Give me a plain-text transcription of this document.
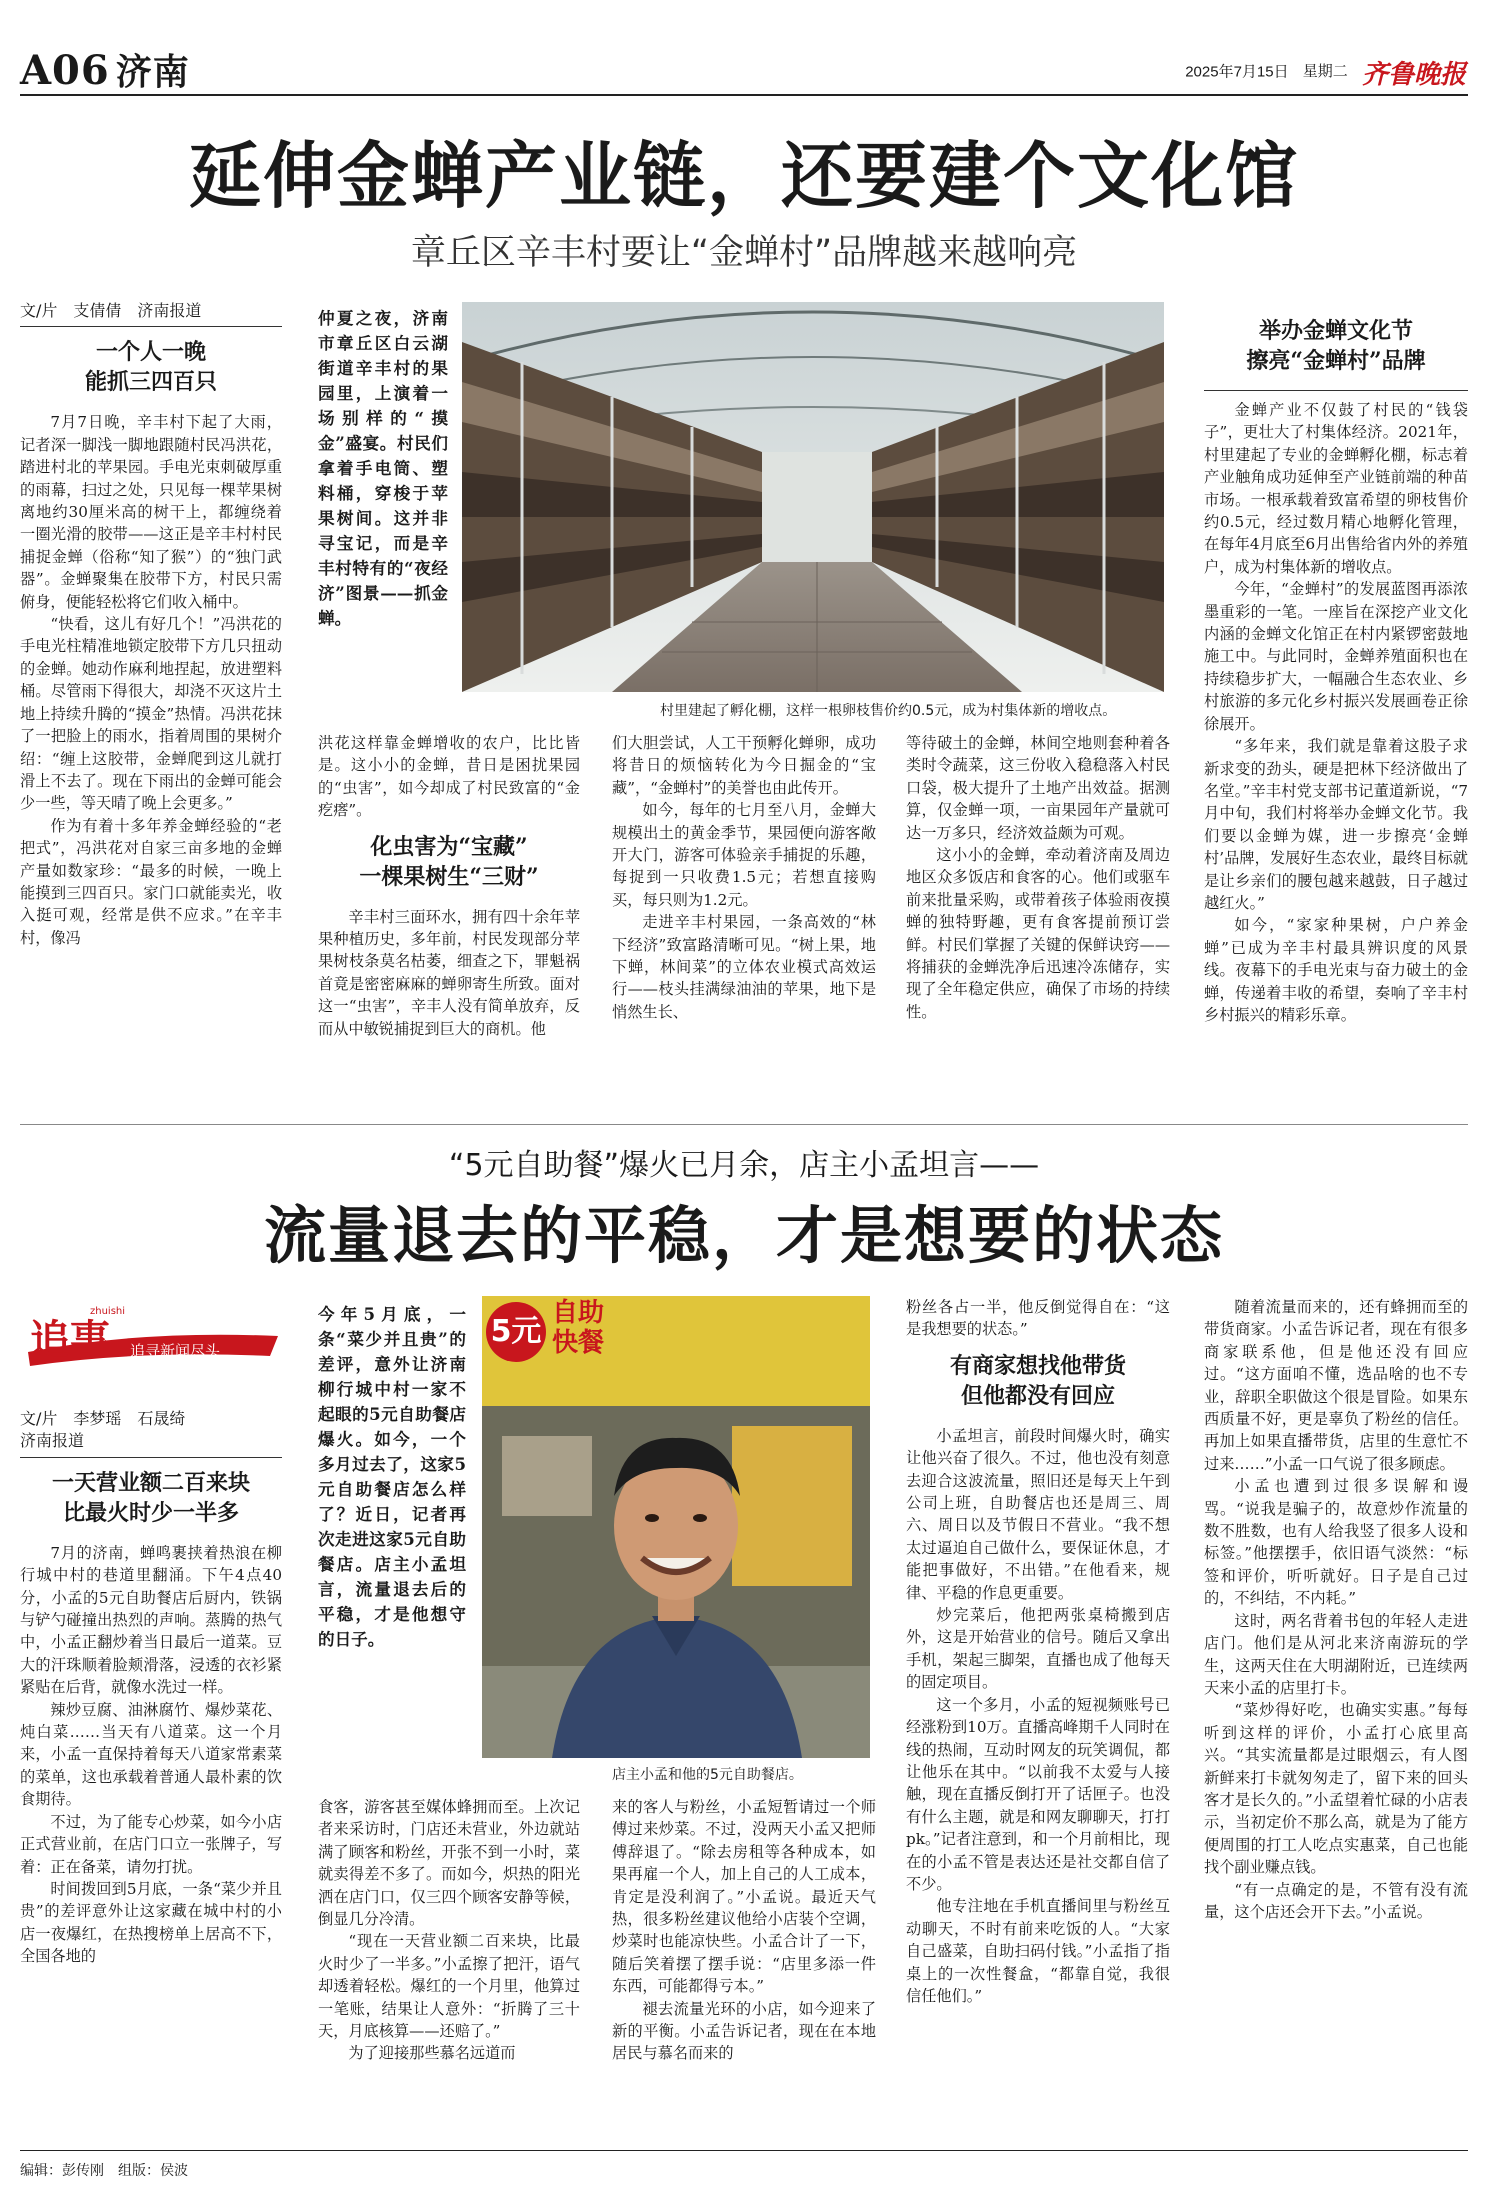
A06 济南	2025年7月15日 星期二 齐鲁晚报
延伸金蝉产业链，还要建个文化馆
章丘区辛丰村要让“金蝉村”品牌越来越响亮
文/片　支倩倩　济南报道
一个人一晚
能抓三四百只

7月7日晚，辛丰村下起了大雨，记者深一脚浅一脚地跟随村民冯洪花，踏进村北的苹果园。手电光束刺破厚重的雨幕，扫过之处，只见每一棵苹果树离地约30厘米高的树干上，都缠绕着一圈光滑的胶带——这正是辛丰村村民捕捉金蝉（俗称“知了猴”）的“独门武器”。金蝉聚集在胶带下方，村民只需俯身，便能轻松将它们收入桶中。

“快看，这儿有好几个！”冯洪花的手电光柱精准地锁定胶带下方几只扭动的金蝉。她动作麻利地捏起，放进塑料桶。尽管雨下得很大，却浇不灭这片土地上持续升腾的“摸金”热情。冯洪花抹了一把脸上的雨水，指着周围的果树介绍：“缠上这胶带，金蝉爬到这儿就打滑上不去了。现在下雨出的金蝉可能会少一些，等天晴了晚上会更多。”

作为有着十多年养金蝉经验的“老把式”，冯洪花对自家三亩多地的金蝉产量如数家珍：“最多的时候，一晚上能摸到三四百只。家门口就能卖光，收入挺可观，经常是供不应求。”在辛丰村，像冯

仲夏之夜，济南市章丘区白云湖街道辛丰村的果园里，上演着一场别样的“摸金”盛宴。村民们拿着手电筒、塑料桶，穿梭于苹果树间。这并非寻宝记，而是辛丰村特有的“夜经济”图景——抓金蝉。
村里建起了孵化棚，这样一根卵枝售价约0.5元，成为村集体新的增收点。

洪花这样靠金蝉增收的农户，比比皆是。这小小的金蝉，昔日是困扰果园的“虫害”，如今却成了村民致富的“金疙瘩”。

化虫害为“宝藏”
一棵果树生“三财”

辛丰村三面环水，拥有四十余年苹果种植历史，多年前，村民发现部分苹果树枝条莫名枯萎，细查之下，罪魁祸首竟是密密麻麻的蝉卵寄生所致。面对这一“虫害”，辛丰人没有简单放弃，反而从中敏锐捕捉到巨大的商机。他

们大胆尝试，人工干预孵化蝉卵，成功将昔日的烦恼转化为今日掘金的“宝藏”，“金蝉村”的美誉也由此传开。

如今，每年的七月至八月，金蝉大规模出土的黄金季节，果园便向游客敞开大门，游客可体验亲手捕捉的乐趣，每捉到一只收费1.5元；若想直接购买，每只则为1.2元。

走进辛丰村果园，一条高效的“林下经济”致富路清晰可见。“树上果，地下蝉，林间菜”的立体农业模式高效运行——枝头挂满绿油油的苹果，地下是悄然生长、

等待破土的金蝉，林间空地则套种着各类时令蔬菜，这三份收入稳稳落入村民口袋，极大提升了土地产出效益。据测算，仅金蝉一项，一亩果园年产量就可达一万多只，经济效益颇为可观。

这小小的金蝉，牵动着济南及周边地区众多饭店和食客的心。他们或驱车前来批量采购，或带着孩子体验雨夜摸蝉的独特野趣，更有食客提前预订尝鲜。村民们掌握了关键的保鲜诀窍——将捕获的金蝉洗净后迅速冷冻储存，实现了全年稳定供应，确保了市场的持续性。

举办金蝉文化节
擦亮“金蝉村”品牌

金蝉产业不仅鼓了村民的“钱袋子”，更壮大了村集体经济。2021年，村里建起了专业的金蝉孵化棚，标志着产业触角成功延伸至产业链前端的种苗市场。一根承载着致富希望的卵枝售价约0.5元，经过数月精心地孵化管理，在每年4月底至6月出售给省内外的养殖户，成为村集体新的增收点。

今年，“金蝉村”的发展蓝图再添浓墨重彩的一笔。一座旨在深挖产业文化内涵的金蝉文化馆正在村内紧锣密鼓地施工中。与此同时，金蝉养殖面积也在持续稳步扩大，一幅融合生态农业、乡村旅游的多元化乡村振兴发展画卷正徐徐展开。

“多年来，我们就是靠着这股子求新求变的劲头，硬是把林下经济做出了名堂。”辛丰村党支部书记董道新说，“7月中旬，我们村将举办金蝉文化节。我们要以金蝉为媒，进一步擦亮‘金蝉村’品牌，发展好生态农业，最终目标就是让乡亲们的腰包越来越鼓，日子越过越红火。”

如今，“家家种果树，户户养金蝉”已成为辛丰村最具辨识度的风景线。夜幕下的手电光束与奋力破土的金蝉，传递着丰收的希望，奏响了辛丰村乡村振兴的精彩乐章。

“5元自助餐”爆火已月余，店主小孟坦言——
流量退去的平稳，才是想要的状态
追事
zhuishi
追寻新闻尽头
文/片　李梦瑶　石晟绮
济南报道
一天营业额二百来块
比最火时少一半多

7月的济南，蝉鸣裹挟着热浪在柳行城中村的巷道里翻涌。下午4点40分，小孟的5元自助餐店后厨内，铁锅与铲勺碰撞出热烈的声响。蒸腾的热气中，小孟正翻炒着当日最后一道菜。豆大的汗珠顺着脸颊滑落，浸透的衣衫紧紧贴在后背，就像水洗过一样。

辣炒豆腐、油淋腐竹、爆炒菜花、炖白菜……当天有八道菜。这一个月来，小孟一直保持着每天八道家常素菜的菜单，这也承载着普通人最朴素的饮食期待。

不过，为了能专心炒菜，如今小店正式营业前，在店门口立一张牌子，写着：正在备菜，请勿打扰。

时间拨回到5月底，一条“菜少并且贵”的差评意外让这家藏在城中村的小店一夜爆红，在热搜榜单上居高不下，全国各地的

今年5月底，一条“菜少并且贵”的差评，意外让济南柳行城中村一家不起眼的5元自助餐店爆火。如今，一个多月过去了，这家5元自助餐店怎么样了？近日，记者再次走进这家5元自助餐店。店主小孟坦言，流量退去后的平稳，才是他想守的日子。
5元
自助快餐
店主小孟和他的5元自助餐店。

食客，游客甚至媒体蜂拥而至。上次记者来采访时，门店还未营业，外边就站满了顾客和粉丝，开张不到一小时，菜就卖得差不多了。而如今，炽热的阳光洒在店门口，仅三四个顾客安静等候，倒显几分冷清。

“现在一天营业额二百来块，比最火时少了一半多。”小孟擦了把汗，语气却透着轻松。爆红的一个月里，他算过一笔账，结果让人意外：“折腾了三十天，月底核算——还赔了。”

为了迎接那些慕名远道而

来的客人与粉丝，小孟短暂请过一个师傅过来炒菜。不过，没两天小孟又把师傅辞退了。“除去房租等各种成本，如果再雇一个人，加上自己的人工成本，肯定是没利润了。”小孟说。最近天气热，很多粉丝建议他给小店装个空调，炒菜时也能凉快些。小孟合计了一下，随后笑着摆了摆手说：“店里多添一件东西，可能都得亏本。”

褪去流量光环的小店，如今迎来了新的平衡。小孟告诉记者，现在在本地居民与慕名而来的

粉丝各占一半，他反倒觉得自在：“这是我想要的状态。”

有商家想找他带货
但他都没有回应

小孟坦言，前段时间爆火时，确实让他兴奋了很久。不过，他也没有刻意去迎合这波流量，照旧还是每天上午到公司上班，自助餐店也还是周三、周六、周日以及节假日不营业。“我不想太过逼迫自己做什么，要保证休息，才能把事做好，不出错。”在他看来，规律、平稳的作息更重要。

炒完菜后，他把两张桌椅搬到店外，这是开始营业的信号。随后又拿出手机，架起三脚架，直播也成了他每天的固定项目。

这一个多月，小孟的短视频账号已经涨粉到10万。直播高峰期千人同时在线的热闹，互动时网友的玩笑调侃，都让他乐在其中。“以前我不太爱与人接触，现在直播反倒打开了话匣子。也没有什么主题，就是和网友聊聊天，打打pk。”记者注意到，和一个月前相比，现在的小孟不管是表达还是社交都自信了不少。

他专注地在手机直播间里与粉丝互动聊天，不时有前来吃饭的人。“大家自己盛菜，自助扫码付钱。”小孟指了指桌上的一次性餐盒，“都靠自觉，我很信任他们。”

随着流量而来的，还有蜂拥而至的带货商家。小孟告诉记者，现在有很多商家联系他，但是他还没有回应过。“这方面咱不懂，选品啥的也不专业，辞职全职做这个很是冒险。如果东西质量不好，更是辜负了粉丝的信任。再加上如果直播带货，店里的生意忙不过来……”小孟一口气说了很多顾虑。

小孟也遭到过很多误解和谩骂。“说我是骗子的，故意炒作流量的数不胜数，也有人给我竖了很多人设和标签。”他摆摆手，依旧语气淡然：“标签和评价，听听就好。日子是自己过的，不纠结，不内耗。”

这时，两名背着书包的年轻人走进店门。他们是从河北来济南游玩的学生，这两天住在大明湖附近，已连续两天来小孟的店里打卡。

“菜炒得好吃，也确实实惠。”每每听到这样的评价，小孟打心底里高兴。“其实流量都是过眼烟云，有人图新鲜来打卡就匆匆走了，留下来的回头客才是长久的。”小孟望着忙碌的小店表示，当初定价不那么高，就是为了能方便周围的打工人吃点实惠菜，自己也能找个副业赚点钱。

“有一点确定的是，不管有没有流量，这个店还会开下去。”小孟说。

编辑：彭传刚　组版：侯波
